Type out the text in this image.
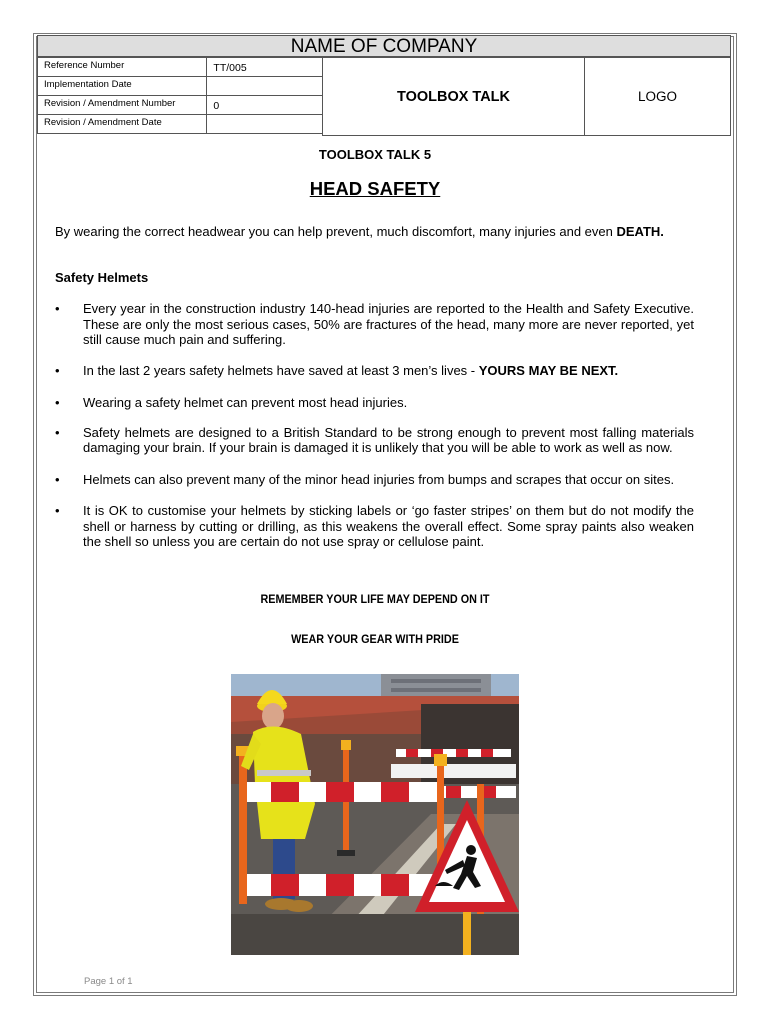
NAME OF COMPANY
Reference Number	TT/005
Implementation Date	
Revision / Amendment Number	0
Revision / Amendment Date	
TOOLBOX TALK	LOGO
TOOLBOX TALK 5
HEAD SAFETY
By wearing the correct headwear you can help prevent, much discomfort, many injuries and even DEATH.
Safety Helmets
• Every year in the construction industry 140-head injuries are reported to the Health and Safety Executive. These are only the most serious cases, 50% are fractures of the head, many more are never reported, yet still cause much pain and suffering.
• In the last 2 years safety helmets have saved at least 3 men’s lives - YOURS MAY BE NEXT.
• Wearing a safety helmet can prevent most head injuries.
• Safety helmets are designed to a British Standard to be strong enough to prevent most falling materials damaging your brain. If your brain is damaged it is unlikely that you will be able to work as well as now.
• Helmets can also prevent many of the minor head injuries from bumps and scrapes that occur on sites.
• It is OK to customise your helmets by sticking labels or ‘go faster stripes’ on them but do not modify the shell or harness by cutting or drilling, as this weakens the overall effect. Some spray paints also weaken the shell so unless you are certain do not use spray or cellulose paint.
REMEMBER YOUR LIFE MAY DEPEND ON IT
WEAR YOUR GEAR WITH PRIDE
Page 1 of 1
